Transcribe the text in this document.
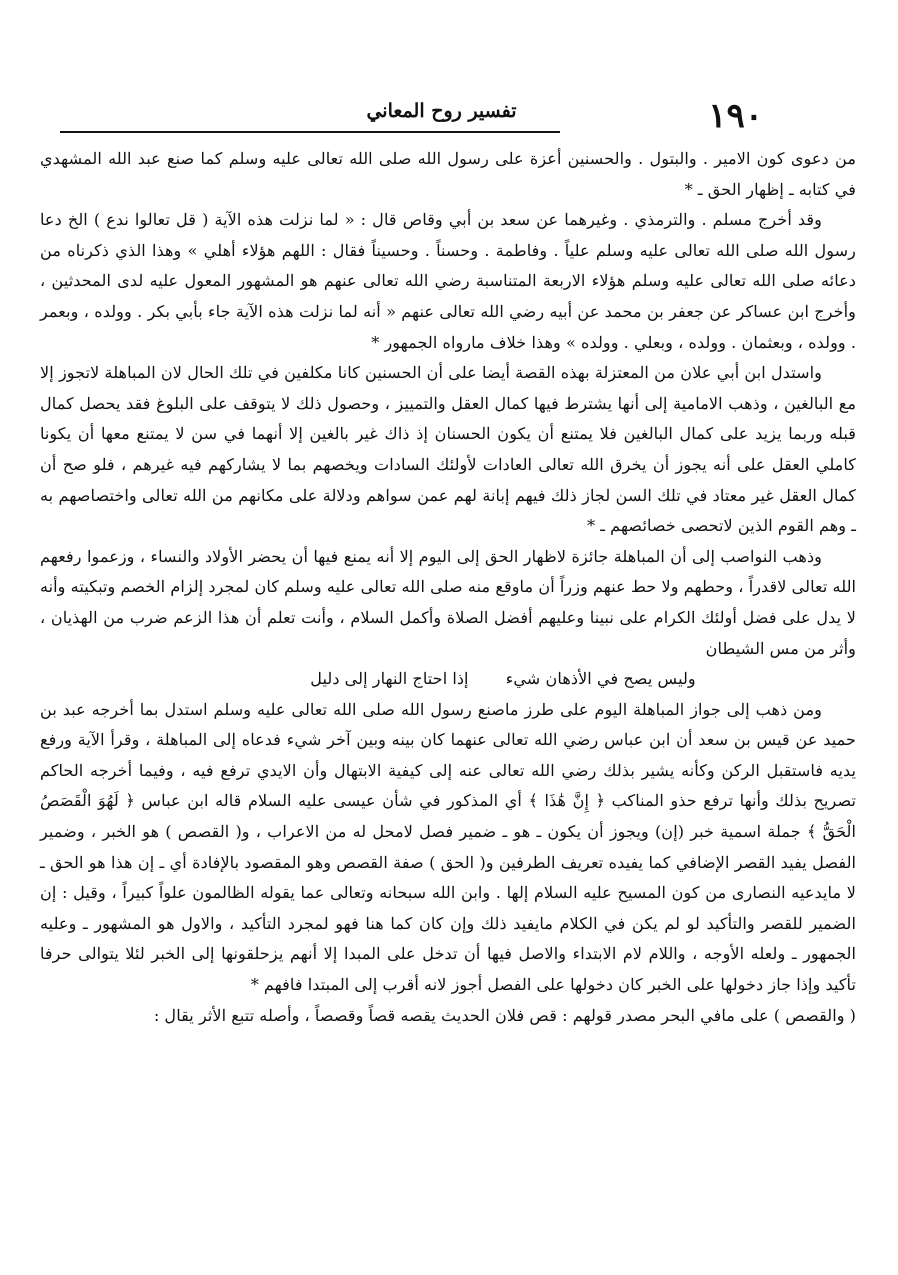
١٩٠
تفسير روح المعاني

من دعوى كون الامير . والبتول . والحسنين أعزة على رسول الله صلى الله تعالى عليه وسلم كما صنع عبد الله المشهدي في كتابه ـ إظهار الحق ـ *

وقد أخرج مسلم . والترمذي . وغيرهما عن سعد بن أبي وقاص قال : « لما نزلت هذه الآية ( قل تعالوا ندع ) الخ دعا رسول الله صلى الله تعالى عليه وسلم علياً . وفاطمة . وحسناً . وحسيناً فقال : اللهم هؤلاء أهلي » وهذا الذي ذكرناه من دعائه صلى الله تعالى عليه وسلم هؤلاء الاربعة المتناسبة رضي الله تعالى عنهم هو المشهور المعول عليه لدى المحدثين ، وأخرج ابن عساكر عن جعفر بن محمد عن أبيه رضي الله تعالى عنهم « أنه لما نزلت هذه الآية جاء بأبي بكر . وولده ، وبعمر . وولده ، وبعثمان . وولده ، وبعلي . وولده » وهذا خلاف مارواه الجمهور *

واستدل ابن أبي علان من المعتزلة بهذه القصة أيضا على أن الحسنين كانا مكلفين في تلك الحال لان المباهلة لاتجوز إلا مع البالغين ، وذهب الامامية إلى أنها يشترط فيها كمال العقل والتمييز ، وحصول ذلك لا يتوقف على البلوغ فقد يحصل كمال قبله وربما يزيد على كمال البالغين فلا يمتنع أن يكون الحسنان إذ ذاك غير بالغين إلا أنهما في سن لا يمتنع معها أن يكونا كاملي العقل على أنه يجوز أن يخرق الله تعالى العادات لأولئك السادات ويخصهم بما لا يشاركهم فيه غيرهم ، فلو صح أن كمال العقل غير معتاد في تلك السن لجاز ذلك فيهم إبانة لهم عمن سواهم ودلالة على مكانهم من الله تعالى واختصاصهم به ـ وهم القوم الذين لاتحصى خصائصهم ـ *

وذهب النواصب إلى أن المباهلة جائزة لاظهار الحق إلى اليوم إلا أنه يمنع فيها أن يحضر الأولاد والنساء ، وزعموا رفعهم الله تعالى لاقدراً ، وحطهم ولا حط عنهم وزراً أن ماوقع منه صلى الله تعالى عليه وسلم كان لمجرد إلزام الخصم وتبكيته وأنه لا يدل على فضل أولئك الكرام على نبينا وعليهم أفضل الصلاة وأكمل السلام ، وأنت تعلم أن هذا الزعم ضرب من الهذيان ، وأثر من مس الشيطان

وليس يصح في الأذهان شيء إذا احتاج النهار إلى دليل

ومن ذهب إلى جواز المباهلة اليوم على طرز ماصنع رسول الله صلى الله تعالى عليه وسلم استدل بما أخرجه عبد بن حميد عن قيس بن سعد أن ابن عباس رضي الله تعالى عنهما كان بينه وبين آخر شيء فدعاه إلى المباهلة ، وقرأ الآية ورفع يديه فاستقبل الركن وكأنه يشير بذلك رضي الله تعالى عنه إلى كيفية الابتهال وأن الايدي ترفع فيه ، وفيما أخرجه الحاكم تصريح بذلك وأنها ترفع حذو المناكب ﴿ إِنَّ هَٰذَا ﴾ أي المذكور في شأن عيسى عليه السلام قاله ابن عباس ﴿ لَهُوَ الْقَصَصُ الْحَقُّ ﴾ جملة اسمية خبر (إن) ويجوز أن يكون ـ هو ـ ضمير فصل لامحل له من الاعراب ، و( القصص ) هو الخبر ، وضمير الفصل يفيد القصر الإضافي كما يفيده تعريف الطرفين و( الحق ) صفة القصص وهو المقصود بالإفادة أي ـ إن هذا هو الحق ـ لا مايدعيه النصارى من كون المسيح عليه السلام إلها . وابن الله سبحانه وتعالى عما يقوله الظالمون علواً كبيراً ، وقيل : إن الضمير للقصر والتأكيد لو لم يكن في الكلام مايفيد ذلك وإن كان كما هنا فهو لمجرد التأكيد ، والاول هو المشهور ـ وعليه الجمهور ـ ولعله الأوجه ، واللام لام الابتداء والاصل فيها أن تدخل على المبدا إلا أنهم يزحلقونها إلى الخبر لئلا يتوالى حرفا تأكيد وإذا جاز دخولها على الخبر كان دخولها على الفصل أجوز لانه أقرب إلى المبتدا فافهم *

( والقصص ) على مافي البحر مصدر قولهم : قص فلان الحديث يقصه قصاً وقصصاً ، وأصله تتبع الأثر يقال :
